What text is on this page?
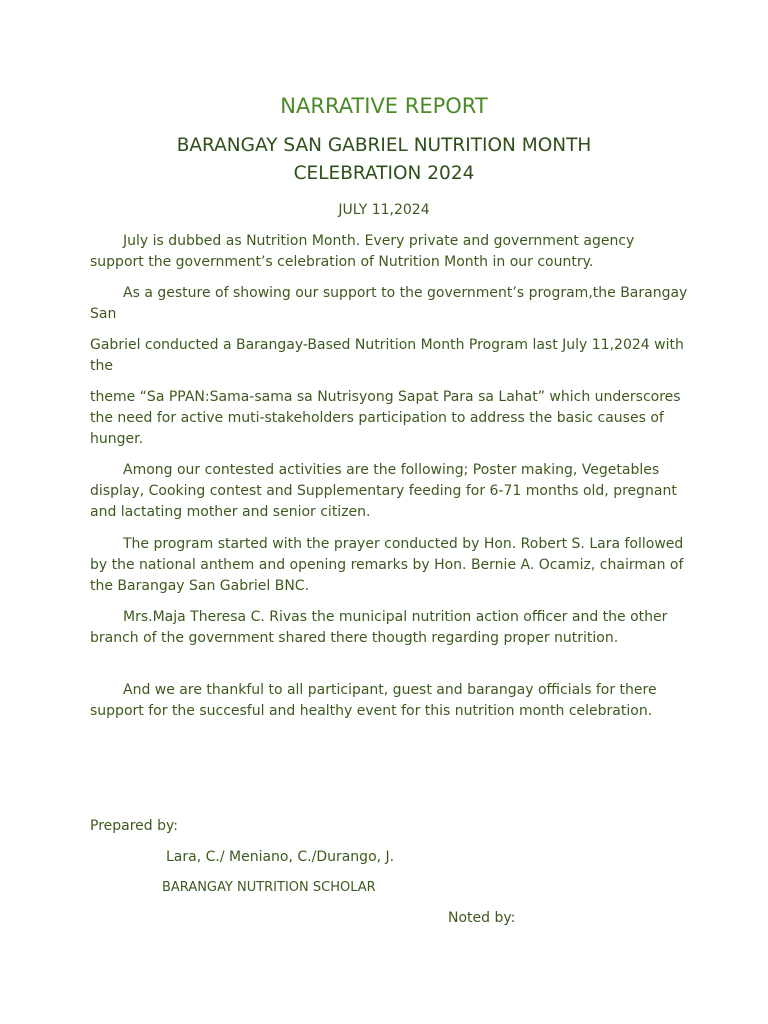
NARRATIVE REPORT
BARANGAY SAN GABRIEL NUTRITION MONTH
CELEBRATION 2024
JULY 11,2024

July is dubbed as Nutrition Month. Every private and government agency support the government’s celebration of Nutrition Month in our country.

As a gesture of showing our support to the government’s program,the Barangay San

Gabriel conducted a Barangay-Based Nutrition Month Program last July 11,2024 with the

theme “Sa PPAN:Sama-sama sa Nutrisyong Sapat Para sa Lahat” which underscores the need for active muti-stakeholders participation to address the basic causes of hunger.

Among our contested activities are the following; Poster making, Vegetables display, Cooking contest and Supplementary feeding for 6-71 months old, pregnant and lactating mother and senior citizen.

The program started with the prayer conducted by Hon. Robert S. Lara followed by the national anthem and opening remarks by Hon. Bernie A. Ocamiz, chairman of the Barangay San Gabriel BNC.

Mrs.Maja Theresa C. Rivas the municipal nutrition action officer and the other branch of the government shared there thougth regarding proper nutrition.

And we are thankful to all participant, guest and barangay officials for there support for the succesful and healthy event for this nutrition month celebration.

Prepared by:
Lara, C./ Meniano, C./Durango, J.
BARANGAY NUTRITION SCHOLAR
Noted by:
